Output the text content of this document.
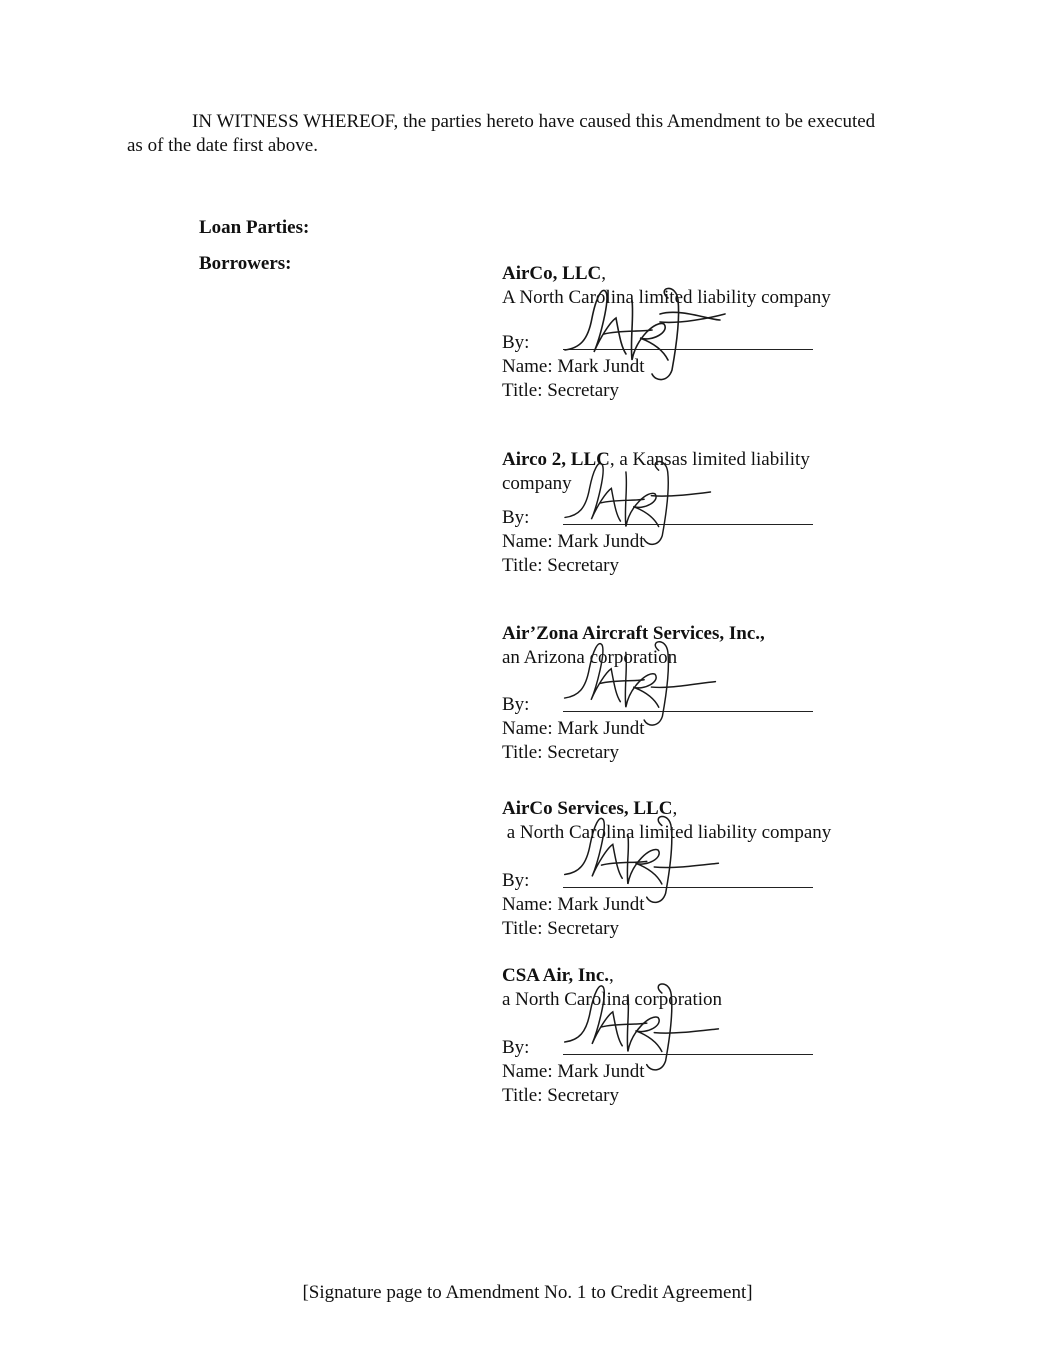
IN WITNESS WHEREOF, the parties hereto have caused this Amendment to be executed
as of the date first above.
Loan Parties:
Borrowers:	AirCo, LLC,
A North Carolina limited liability company
By:
Name: Mark Jundt
Title: Secretary
Airco 2, LLC, a Kansas limited liability
company
By:
Name: Mark Jundt
Title: Secretary
Air’Zona Aircraft Services, Inc.,
an Arizona corporation
By:
Name: Mark Jundt
Title: Secretary
AirCo Services, LLC,
a North Carolina limited liability company
By:
Name: Mark Jundt
Title: Secretary
CSA Air, Inc.,
a North Carolina corporation
By:
Name: Mark Jundt
Title: Secretary
[Signature page to Amendment No. 1 to Credit Agreement]
